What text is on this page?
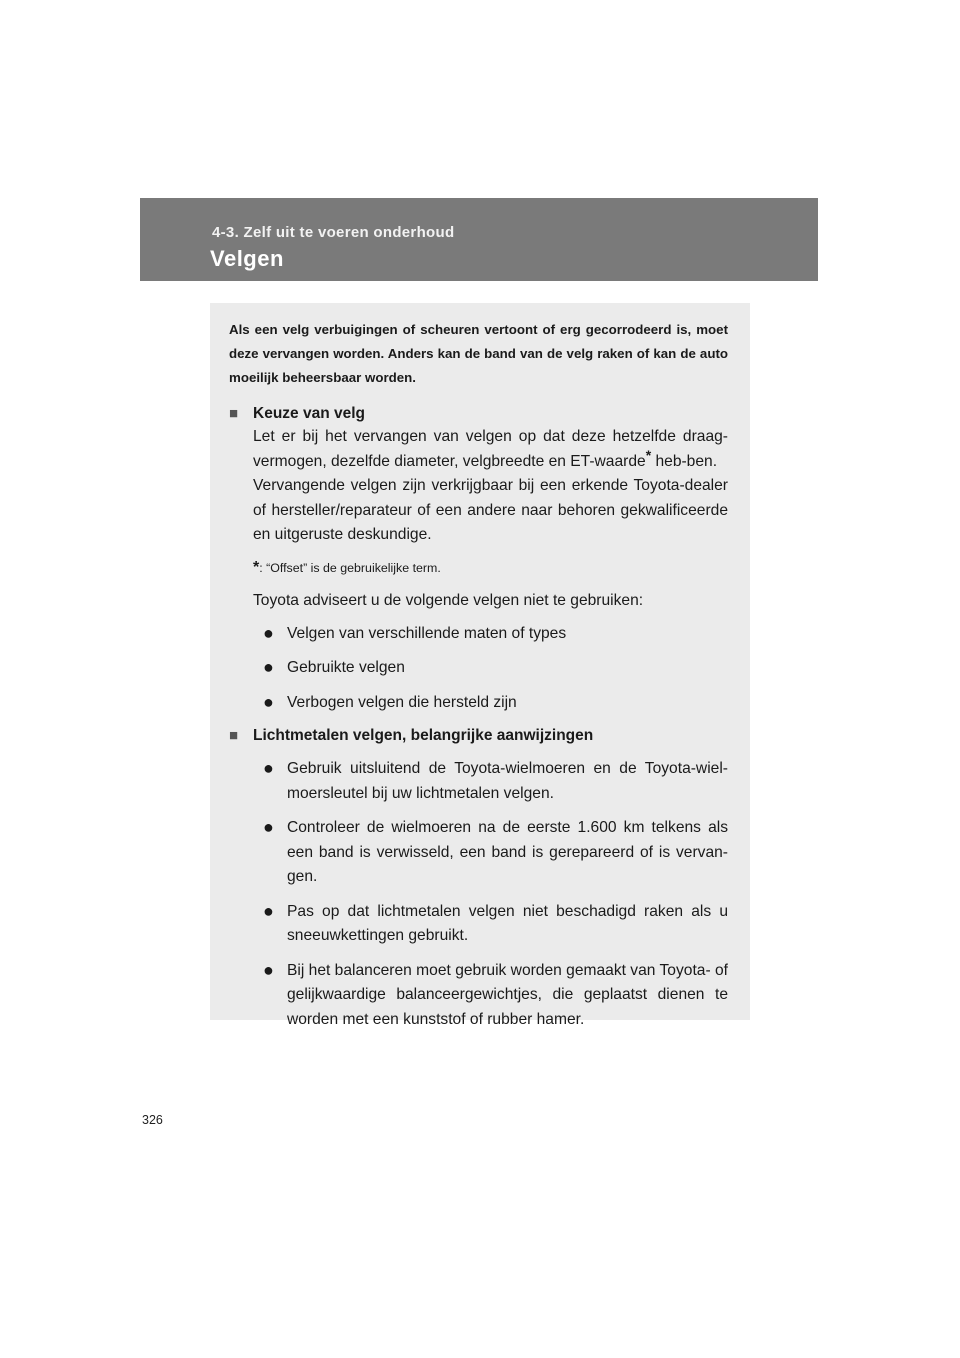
4-3. Zelf uit te voeren onderhoud
Velgen

Als een velg verbuigingen of scheuren vertoont of erg gecorrodeerd is, moet deze vervangen worden. Anders kan de band van de velg raken of kan de auto moeilijk beheersbaar worden.

■ Keuze van velg

Let er bij het vervangen van velgen op dat deze hetzelfde draag-vermogen, dezelfde diameter, velgbreedte en ET-waarde* heb-ben.

Vervangende velgen zijn verkrijgbaar bij een erkende Toyota-dealer of hersteller/reparateur of een andere naar behoren gekwalificeerde en uitgeruste deskundige.

*: “Offset” is de gebruikelijke term.

Toyota adviseert u de volgende velgen niet te gebruiken:

● Velgen van verschillende maten of types
● Gebruikte velgen
● Verbogen velgen die hersteld zijn

■ Lichtmetalen velgen, belangrijke aanwijzingen

● Gebruik uitsluitend de Toyota-wielmoeren en de Toyota-wiel-moersleutel bij uw lichtmetalen velgen.
● Controleer de wielmoeren na de eerste 1.600 km telkens als een band is verwisseld, een band is gerepareerd of is vervan-gen.
● Pas op dat lichtmetalen velgen niet beschadigd raken als u sneeuwkettingen gebruikt.
● Bij het balanceren moet gebruik worden gemaakt van Toyota- of gelijkwaardige balanceergewichtjes, die geplaatst dienen te worden met een kunststof of rubber hamer.
326
